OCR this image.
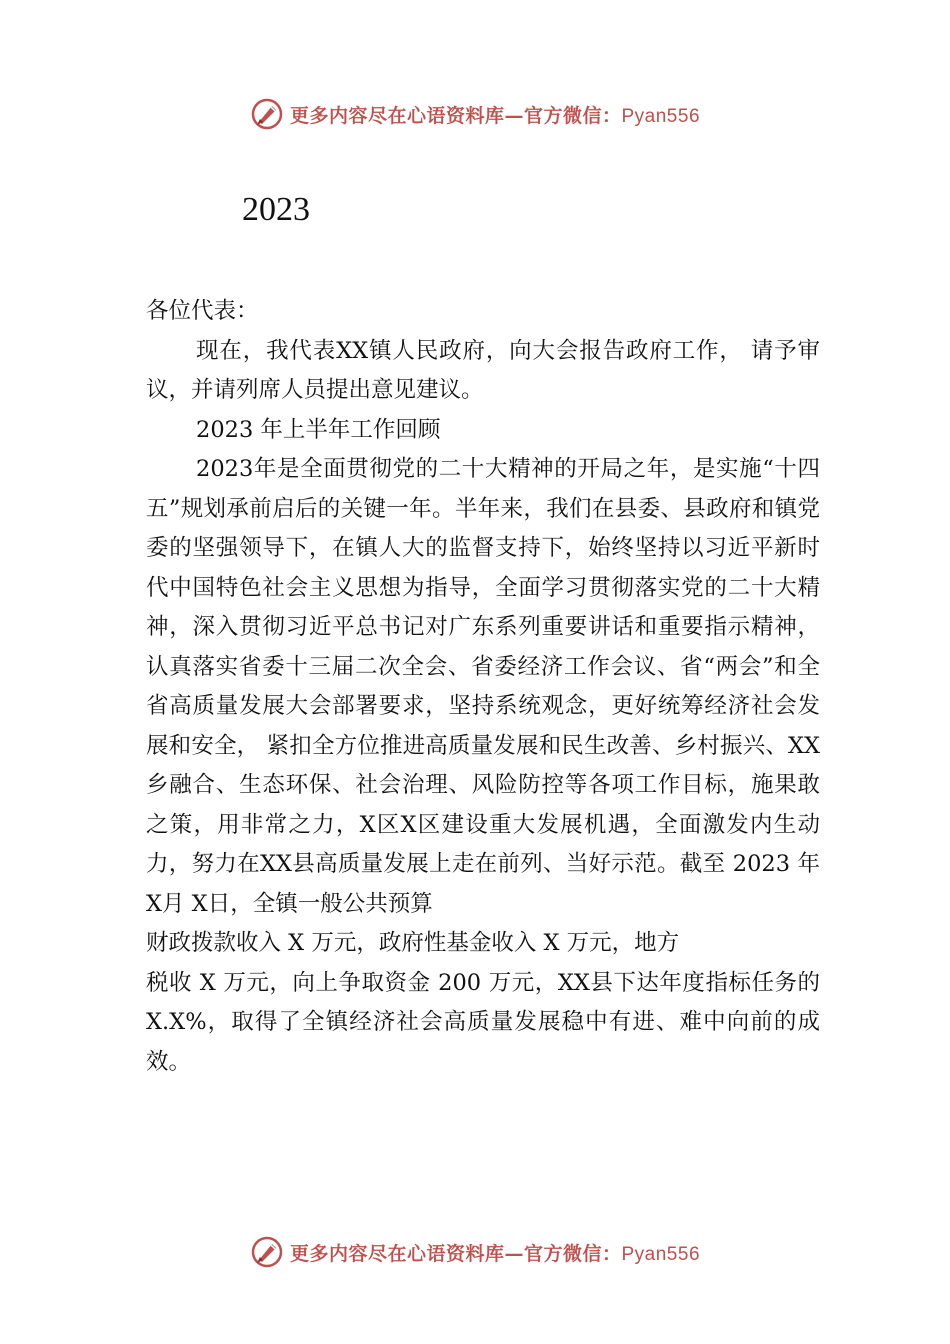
更多内容尽在心语资料库—官方微信：Pyan556
2023

各位代表：

现在，我代表XX镇人民政府，向大会报告政府工作， 请予审议，并请列席人员提出意见建议。

2023 年上半年工作回顾

2023年是全面贯彻党的二十大精神的开局之年，是实施“十四五”规划承前启后的关键一年。半年来，我们在县委、县政府和镇党委的坚强领导下，在镇人大的监督支持下，始终坚持以习近平新时代中国特色社会主义思想为指导，全面学习贯彻落实党的二十大精神，深入贯彻习近平总书记对广东系列重要讲话和重要指示精神，认真落实省委十三届二次全会、省委经济工作会议、省“两会”和全省高质量发展大会部署要求，坚持系统观念，更好统筹经济社会发展和安全， 紧扣全方位推进高质量发展和民生改善、乡村振兴、XX乡融合、生态环保、社会治理、风险防控等各项工作目标，施果敢之策，用非常之力，X区X区建设重大发展机遇，全面激发内生动力，努力在XX县高质量发展上走在前列、当好示范。截至 2023 年 X月 X日，全镇一般公共预算

财政拨款收入 X 万元，政府性基金收入 X 万元，地方

税收 X 万元，向上争取资金 200 万元，XX县下达年度指标任务的 X.X%，取得了全镇经济社会高质量发展稳中有进、难中向前的成效。

更多内容尽在心语资料库—官方微信：Pyan556
